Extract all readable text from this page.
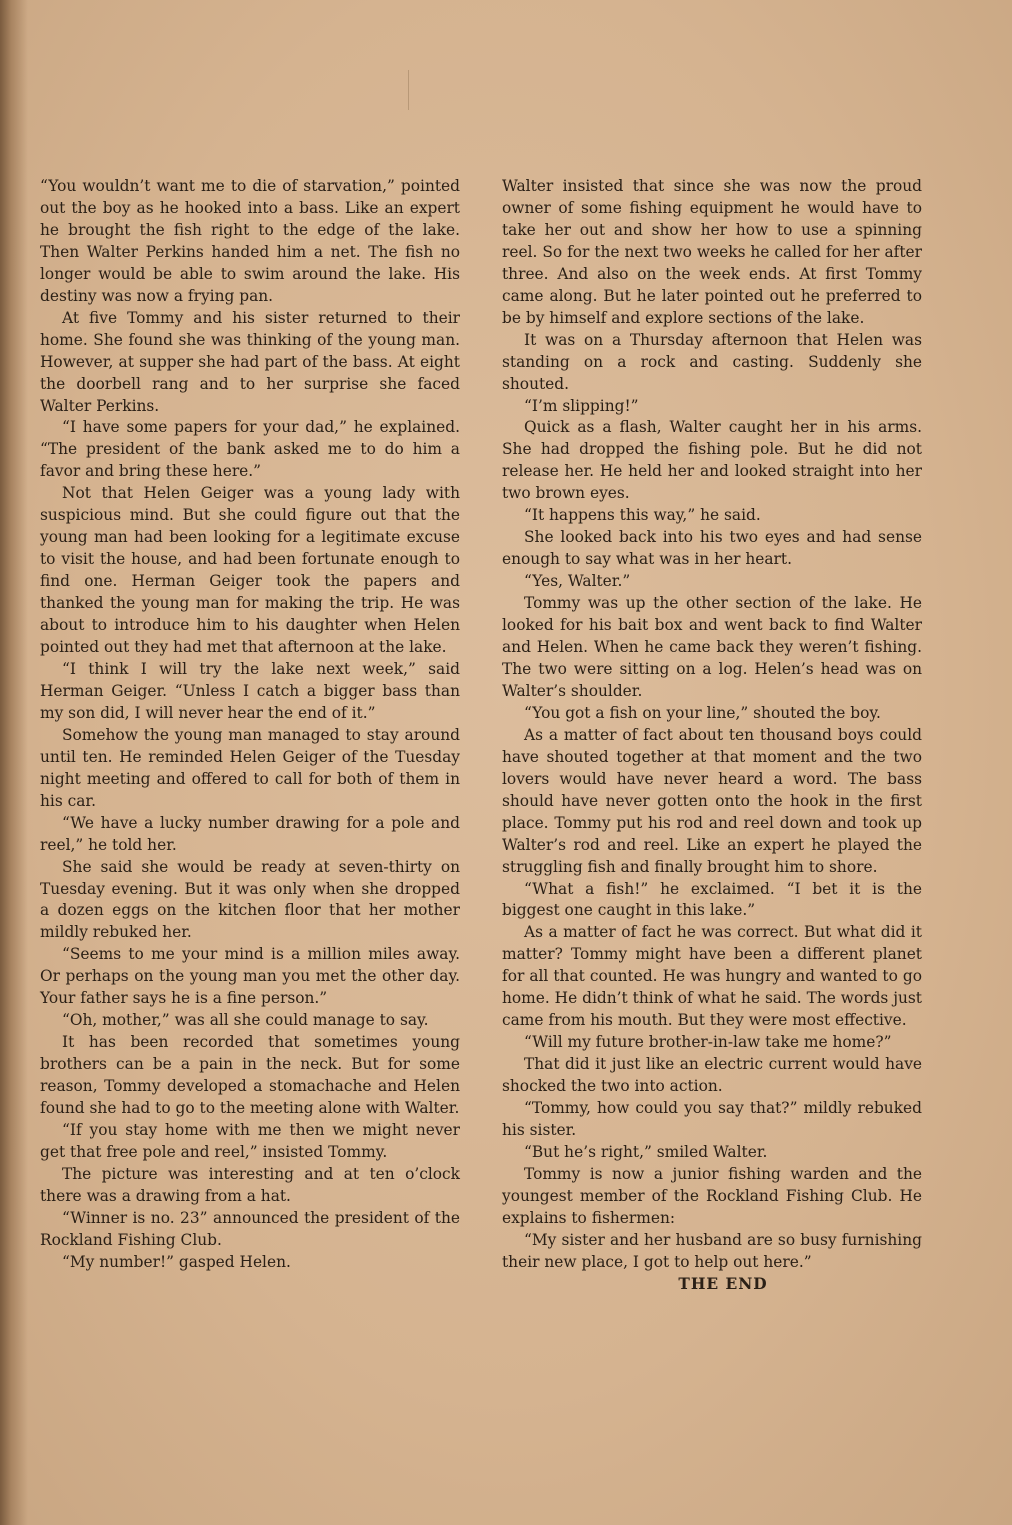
“You wouldn’t want me to die of starvation,” pointed out the boy as he hooked into a bass. Like an expert he brought the fish right to the edge of the lake. Then Walter Perkins handed him a net. The fish no longer would be able to swim around the lake. His destiny was now a frying pan.

At five Tommy and his sister returned to their home. She found she was thinking of the young man. However, at supper she had part of the bass. At eight the doorbell rang and to her surprise she faced Walter Perkins.

“I have some papers for your dad,” he explained. “The president of the bank asked me to do him a favor and bring these here.”

Not that Helen Geiger was a young lady with suspicious mind. But she could figure out that the young man had been looking for a legitimate excuse to visit the house, and had been fortunate enough to find one. Herman Geiger took the papers and thanked the young man for making the trip. He was about to introduce him to his daughter when Helen pointed out they had met that afternoon at the lake.

“I think I will try the lake next week,” said Herman Geiger. “Unless I catch a bigger bass than my son did, I will never hear the end of it.”

Somehow the young man managed to stay around until ten. He reminded Helen Geiger of the Tuesday night meeting and offered to call for both of them in his car.

“We have a lucky number drawing for a pole and reel,” he told her.

She said she would be ready at seven-thirty on Tuesday evening. But it was only when she dropped a dozen eggs on the kitchen floor that her mother mildly rebuked her.

“Seems to me your mind is a million miles away. Or perhaps on the young man you met the other day. Your father says he is a fine person.”

“Oh, mother,” was all she could manage to say.

It has been recorded that sometimes young brothers can be a pain in the neck. But for some reason, Tommy developed a stomachache and Helen found she had to go to the meeting alone with Walter.

“If you stay home with me then we might never get that free pole and reel,” insisted Tommy.

The picture was interesting and at ten o’clock there was a drawing from a hat.

“Winner is no. 23” announced the president of the Rockland Fishing Club.

“My number!” gasped Helen.

Walter insisted that since she was now the proud owner of some fishing equipment he would have to take her out and show her how to use a spinning reel. So for the next two weeks he called for her after three. And also on the week ends. At first Tommy came along. But he later pointed out he preferred to be by himself and explore sections of the lake.

It was on a Thursday afternoon that Helen was standing on a rock and casting. Suddenly she shouted.

“I’m slipping!”

Quick as a flash, Walter caught her in his arms. She had dropped the fishing pole. But he did not release her. He held her and looked straight into her two brown eyes.

“It happens this way,” he said.

She looked back into his two eyes and had sense enough to say what was in her heart.

“Yes, Walter.”

Tommy was up the other section of the lake. He looked for his bait box and went back to find Walter and Helen. When he came back they weren’t fishing. The two were sitting on a log. Helen’s head was on Walter’s shoulder.

“You got a fish on your line,” shouted the boy.

As a matter of fact about ten thousand boys could have shouted together at that moment and the two lovers would have never heard a word. The bass should have never gotten onto the hook in the first place. Tommy put his rod and reel down and took up Walter’s rod and reel. Like an expert he played the struggling fish and finally brought him to shore.

“What a fish!” he exclaimed. “I bet it is the biggest one caught in this lake.”

As a matter of fact he was correct. But what did it matter? Tommy might have been a different planet for all that counted. He was hungry and wanted to go home. He didn’t think of what he said. The words just came from his mouth. But they were most effective.

“Will my future brother-in-law take me home?”

That did it just like an electric current would have shocked the two into action.

“Tommy, how could you say that?” mildly rebuked his sister.

“But he’s right,” smiled Walter.

Tommy is now a junior fishing warden and the youngest member of the Rockland Fishing Club. He explains to fishermen:

“My sister and her husband are so busy furnishing their new place, I got to help out here.”

THE END
